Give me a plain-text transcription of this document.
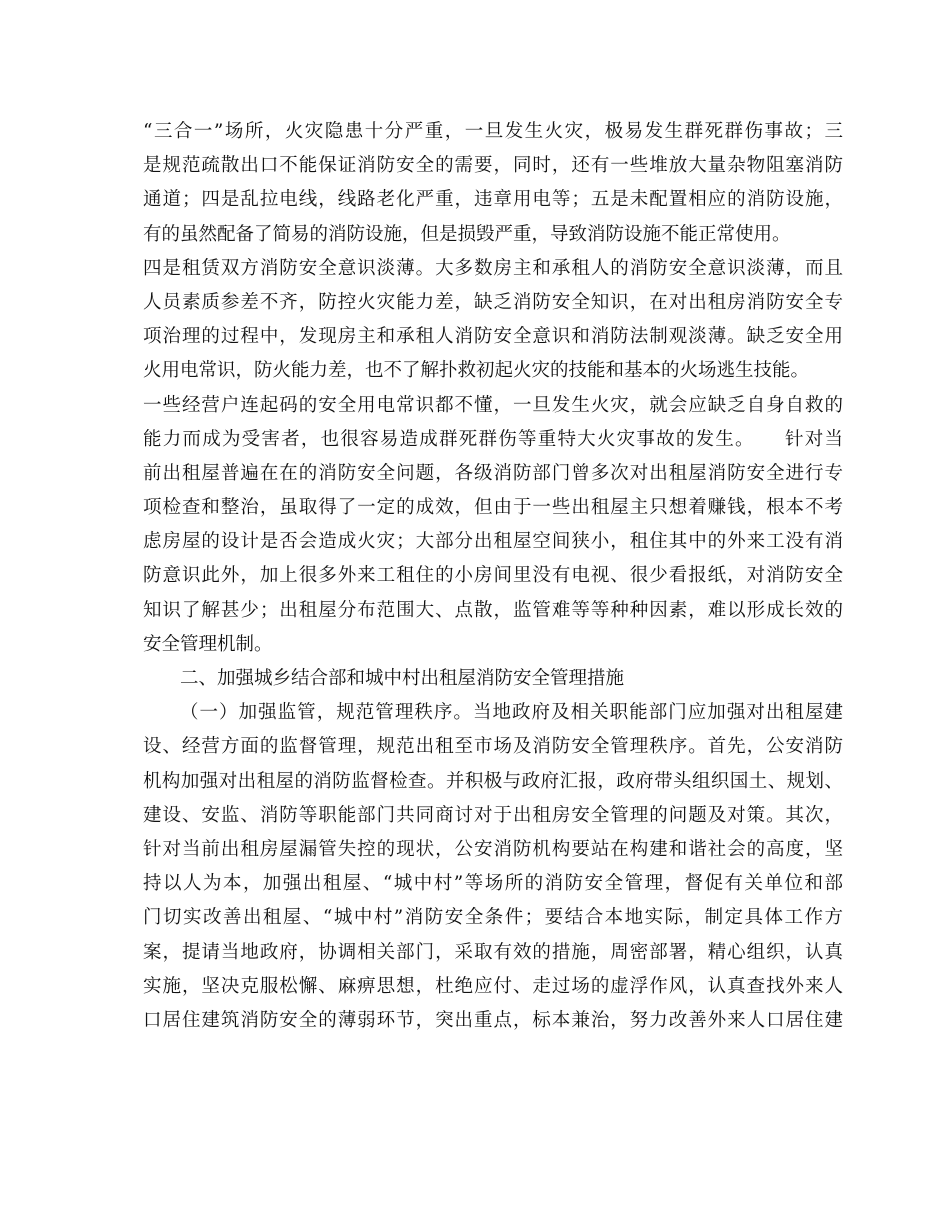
“三合一”场所，火灾隐患十分严重，一旦发生火灾，极易发生群死群伤事故；三
是规范疏散出口不能保证消防安全的需要，同时，还有一些堆放大量杂物阻塞消防
通道；四是乱拉电线，线路老化严重，违章用电等；五是未配置相应的消防设施，
有的虽然配备了简易的消防设施，但是损毁严重，导致消防设施不能正常使用。
四是租赁双方消防安全意识淡薄。大多数房主和承租人的消防安全意识淡薄，而且
人员素质参差不齐，防控火灾能力差，缺乏消防安全知识，在对出租房消防安全专
项治理的过程中，发现房主和承租人消防安全意识和消防法制观淡薄。缺乏安全用
火用电常识，防火能力差，也不了解扑救初起火灾的技能和基本的火场逃生技能。
一些经营户连起码的安全用电常识都不懂，一旦发生火灾，就会应缺乏自身自救的
能力而成为受害者，也很容易造成群死群伤等重特大火灾事故的发生。　　针对当
前出租屋普遍在在的消防安全问题，各级消防部门曾多次对出租屋消防安全进行专
项检查和整治，虽取得了一定的成效，但由于一些出租屋主只想着赚钱，根本不考
虑房屋的设计是否会造成火灾；大部分出租屋空间狭小，租住其中的外来工没有消
防意识此外，加上很多外来工租住的小房间里没有电视、很少看报纸，对消防安全
知识了解甚少；出租屋分布范围大、点散，监管难等等种种因素，难以形成长效的
安全管理机制。
二、加强城乡结合部和城中村出租屋消防安全管理措施
（一）加强监管，规范管理秩序。当地政府及相关职能部门应加强对出租屋建
设、经营方面的监督管理，规范出租至市场及消防安全管理秩序。首先，公安消防
机构加强对出租屋的消防监督检查。并积极与政府汇报，政府带头组织国土、规划、
建设、安监、消防等职能部门共同商讨对于出租房安全管理的问题及对策。其次，
针对当前出租房屋漏管失控的现状，公安消防机构要站在构建和谐社会的高度，坚
持以人为本，加强出租屋、“城中村”等场所的消防安全管理，督促有关单位和部
门切实改善出租屋、“城中村”消防安全条件；要结合本地实际，制定具体工作方
案，提请当地政府，协调相关部门，采取有效的措施，周密部署，精心组织，认真
实施，坚决克服松懈、麻痹思想，杜绝应付、走过场的虚浮作风，认真查找外来人
口居住建筑消防安全的薄弱环节，突出重点，标本兼治，努力改善外来人口居住建
